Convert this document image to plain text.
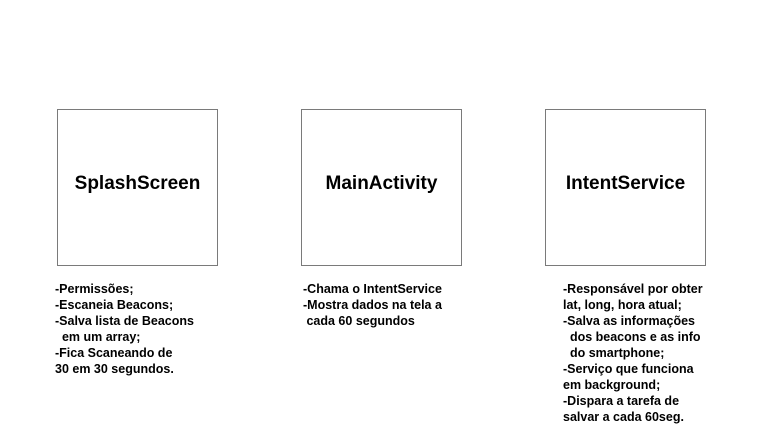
SplashScreen
-Permissões;
-Escaneia Beacons;
-Salva lista de Beacons
em um array;
-Fica Scaneando de
30 em 30 segundos.
MainActivity
-Chama o IntentService
-Mostra dados na tela a
cada 60 segundos
IntentService
-Responsável por obter
lat, long, hora atual;
-Salva as informações
dos beacons e as info
do smartphone;
-Serviço que funciona
em background;
-Dispara a tarefa de
salvar a cada 60seg.
